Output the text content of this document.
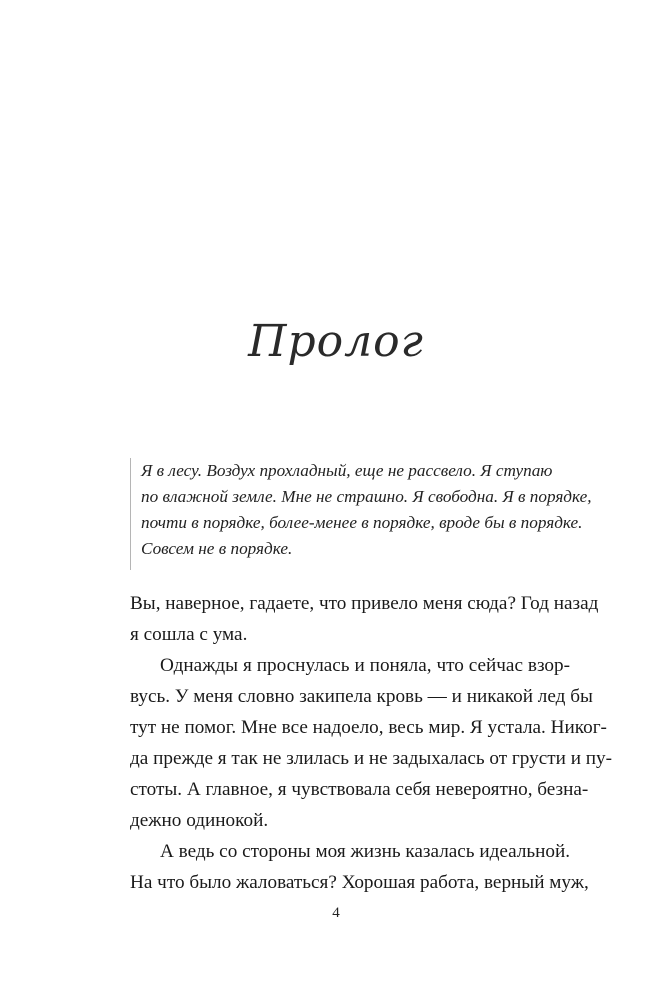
Пролог
Я в лесу. Воздух прохладный, еще не рассвело. Я ступаю
по влажной земле. Мне не страшно. Я свободна. Я в порядке,
почти в порядке, более-менее в порядке, вроде бы в порядке.
Совсем не в порядке.
Вы, наверное, гадаете, что привело меня сюда? Год назад
я сошла с ума.
Однажды я проснулась и поняла, что сейчас взор-
вусь. У меня словно закипела кровь — и никакой лед бы
тут не помог. Мне все надоело, весь мир. Я устала. Никог-
да прежде я так не злилась и не задыхалась от грусти и пу-
стоты. А главное, я чувствовала себя невероятно, безна-
дежно одинокой.
А ведь со стороны моя жизнь казалась идеальной.
На что было жаловаться? Хорошая работа, верный муж,
4
